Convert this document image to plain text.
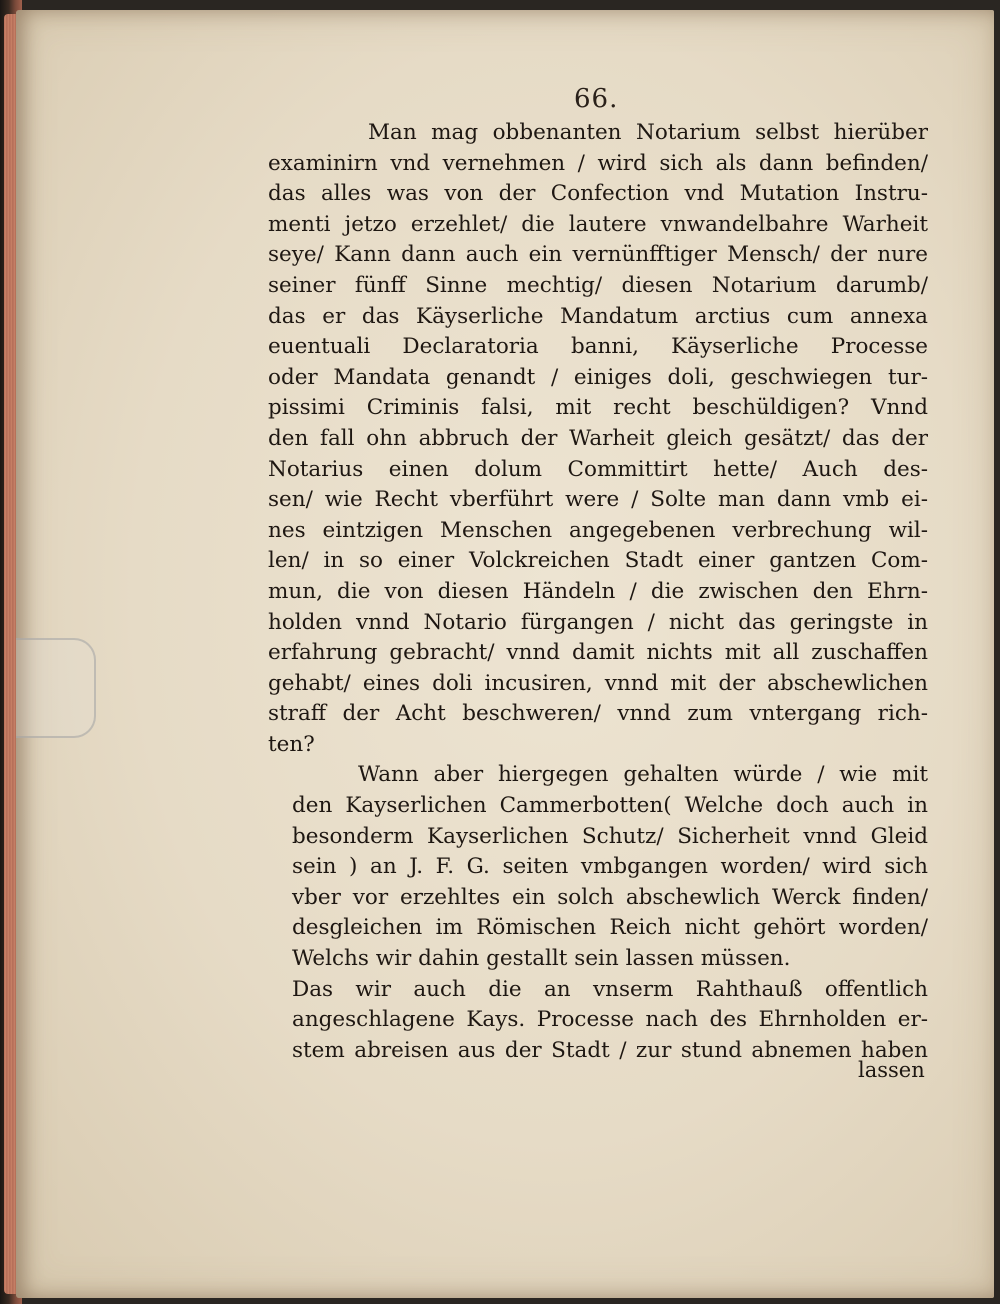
66.
Man mag obbenanten Notarium selbst hierüber
examinirn vnd vernehmen / wird sich als dann befinden/
das alles was von der Confection vnd Mutation Instru-
menti jetzo erzehlet/ die lautere vnwandelbahre Warheit
seye/ Kann dann auch ein vernünfftiger Mensch/ der nure
seiner fünff Sinne mechtig/ diesen Notarium darumb/
das er das Käyserliche Mandatum arctius cum annexa
euentuali Declaratoria banni, Käyserliche Processe
oder Mandata genandt / einiges doli, geschwiegen tur-
pissimi Criminis falsi, mit recht beschüldigen? Vnnd
den fall ohn abbruch der Warheit gleich gesätzt/ das der
Notarius einen dolum Committirt hette/ Auch des-
sen/ wie Recht vberführt were / Solte man dann vmb ei-
nes eintzigen Menschen angegebenen verbrechung wil-
len/ in so einer Volckreichen Stadt einer gantzen Com-
mun, die von diesen Händeln / die zwischen den Ehrn-
holden vnnd Notario fürgangen / nicht das geringste in
erfahrung gebracht/ vnnd damit nichts mit all zuschaffen
gehabt/ eines doli incusiren, vnnd mit der abschewlichen
straff der Acht beschweren/ vnnd zum vntergang rich-
ten?
Wann aber hiergegen gehalten würde / wie mit
den Kayserlichen Cammerbotten( Welche doch auch in
besonderm Kayserlichen Schutz/ Sicherheit vnnd Gleid
sein ) an J. F. G. seiten vmbgangen worden/ wird sich
vber vor erzehltes ein solch abschewlich Werck finden/
desgleichen im Römischen Reich nicht gehört worden/
Welchs wir dahin gestallt sein lassen müssen.
Das wir auch die an vnserm Rahthauß offentlich
angeschlagene Kays. Processe nach des Ehrnholden er-
stem abreisen aus der Stadt / zur stund abnemen haben
lassen
